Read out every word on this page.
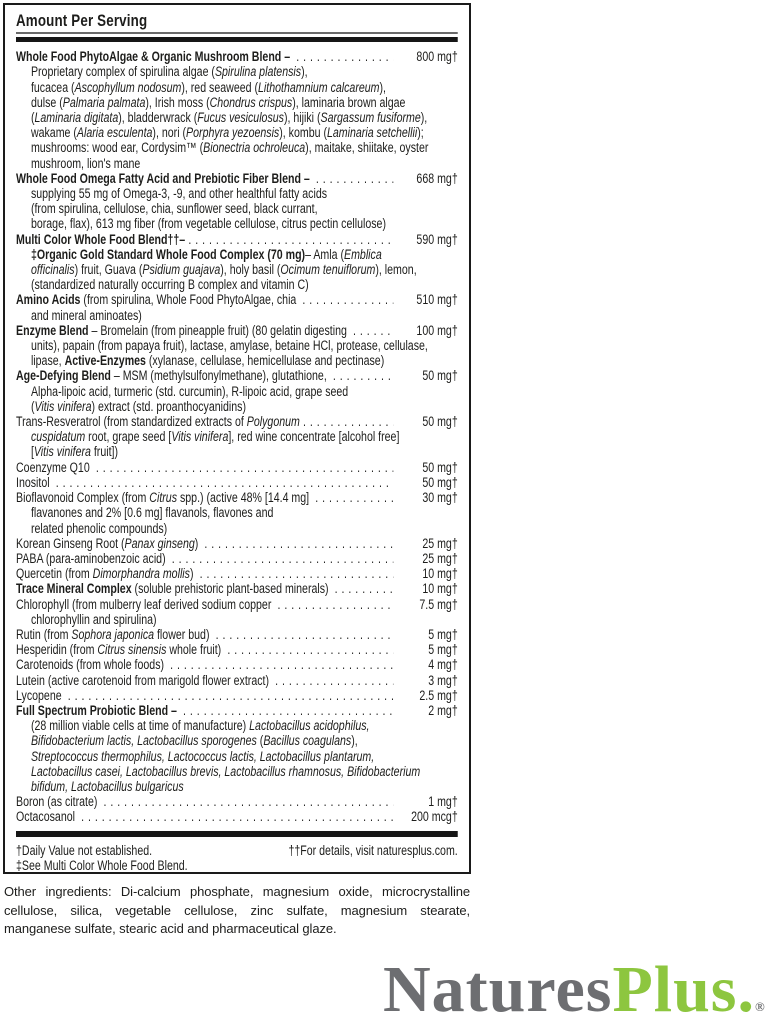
Amount Per Serving
Whole Food PhytoAlgae & Organic Mushroom Blend – .....	800 mg†
Proprietary complex of spirulina algae (Spirulina platensis),
fucacea (Ascophyllum nodosum), red seaweed (Lithothamnium calcareum),
dulse (Palmaria palmata), Irish moss (Chondrus crispus), laminaria brown algae
(Laminaria digitata), bladderwrack (Fucus vesiculosus), hijiki (Sargassum fusiforme),
wakame (Alaria esculenta), nori (Porphyra yezoensis), kombu (Laminaria setchellii);
mushrooms: wood ear, Cordysim™ (Bionectria ochroleuca), maitake, shiitake, oyster
mushroom, lion's mane
Whole Food Omega Fatty Acid and Prebiotic Fiber Blend – .....	668 mg†
supplying 55 mg of Omega-3, -9, and other healthful fatty acids
(from spirulina, cellulose, chia, sunflower seed, black currant,
borage, flax), 613 mg fiber (from vegetable cellulose, citrus pectin cellulose)
Multi Color Whole Food Blend††– .....	590 mg†
‡Organic Gold Standard Whole Food Complex (70 mg)– Amla (Emblica
officinalis) fruit, Guava (Psidium guajava), holy basil (Ocimum tenuiflorum), lemon,
(standardized naturally occurring B complex and vitamin C)
Amino Acids (from spirulina, Whole Food PhytoAlgae, chia .....	510 mg†
and mineral aminoates)
Enzyme Blend – Bromelain (from pineapple fruit) (80 gelatin digesting .....	100 mg†
units), papain (from papaya fruit), lactase, amylase, betaine HCl, protease, cellulase,
lipase, Active-Enzymes (xylanase, cellulase, hemicellulase and pectinase)
Age-Defying Blend – MSM (methylsulfonylmethane), glutathione, .....	50 mg†
Alpha-lipoic acid, turmeric (std. curcumin), R-lipoic acid, grape seed
(Vitis vinifera) extract (std. proanthocyanidins)
Trans-Resveratrol (from standardized extracts of Polygonum .....	50 mg†
cuspidatum root, grape seed [Vitis vinifera], red wine concentrate [alcohol free]
[Vitis vinifera fruit])
Coenzyme Q10 .....	50 mg†
Inositol .....	50 mg†
Bioflavonoid Complex (from Citrus spp.) (active 48% [14.4 mg] .....	30 mg†
flavanones and 2% [0.6 mg] flavanols, flavones and
related phenolic compounds)
Korean Ginseng Root (Panax ginseng) .....	25 mg†
PABA (para-aminobenzoic acid) .....	25 mg†
Quercetin (from Dimorphandra mollis) .....	10 mg†
Trace Mineral Complex (soluble prehistoric plant-based minerals) .....	10 mg†
Chlorophyll (from mulberry leaf derived sodium copper .....	7.5 mg†
chlorophyllin and spirulina)
Rutin (from Sophora japonica flower bud) .....	5 mg†
Hesperidin (from Citrus sinensis whole fruit) .....	5 mg†
Carotenoids (from whole foods) .....	4 mg†
Lutein (active carotenoid from marigold flower extract) .....	3 mg†
Lycopene .....	2.5 mg†
Full Spectrum Probiotic Blend – .....	2 mg†
(28 million viable cells at time of manufacture) Lactobacillus acidophilus,
Bifidobacterium lactis, Lactobacillus sporogenes (Bacillus coagulans),
Streptococcus thermophilus, Lactococcus lactis, Lactobacillus plantarum,
Lactobacillus casei, Lactobacillus brevis, Lactobacillus rhamnosus, Bifidobacterium
bifidum, Lactobacillus bulgaricus
Boron (as citrate) .....	1 mg†
Octacosanol .....	200 mcg†
†Daily Value not established.	††For details, visit naturesplus.com.
‡See Multi Color Whole Food Blend.
Other ingredients: Di-calcium phosphate, magnesium oxide, microcrystalline
cellulose, silica, vegetable cellulose, zinc sulfate, magnesium stearate,
manganese sulfate, stearic acid and pharmaceutical glaze.
NaturesPlus.®
